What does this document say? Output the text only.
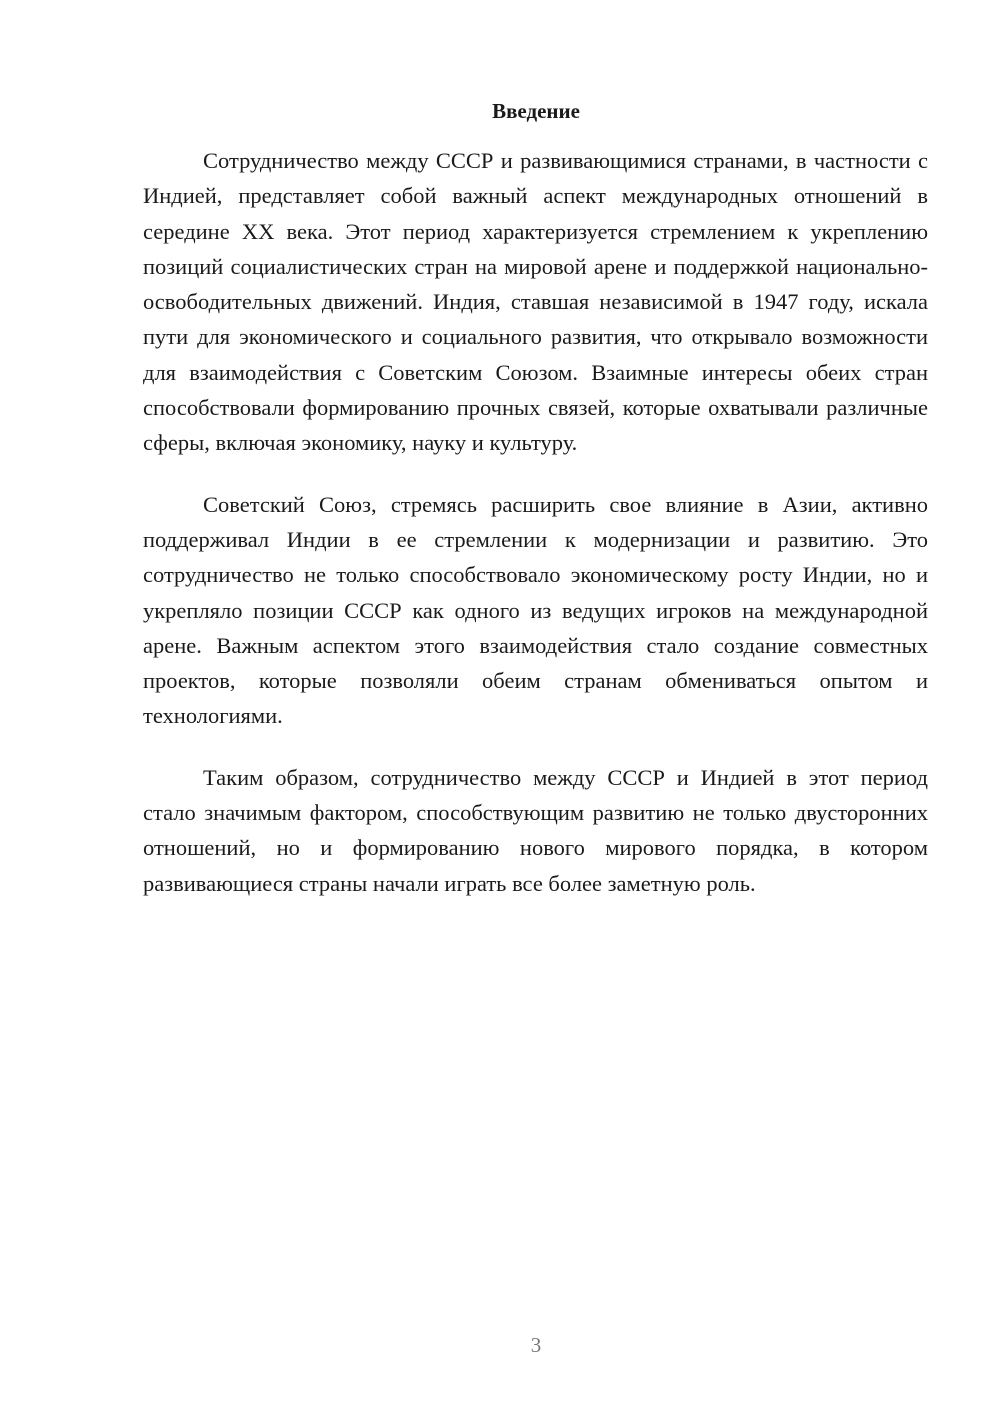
Введение

Сотрудничество между СССР и развивающимися странами, в частности с Индией, представляет собой важный аспект международных отношений в середине XX века. Этот период характеризуется стремлением к укреплению позиций социалистических стран на мировой арене и поддержкой национально-освободительных движений. Индия, ставшая независимой в 1947 году, искала пути для экономического и социального развития, что открывало возможности для взаимодействия с Советским Союзом. Взаимные интересы обеих стран способствовали формированию прочных связей, которые охватывали различные сферы, включая экономику, науку и культуру.

Советский Союз, стремясь расширить свое влияние в Азии, активно поддерживал Индии в ее стремлении к модернизации и развитию. Это сотрудничество не только способствовало экономическому росту Индии, но и укрепляло позиции СССР как одного из ведущих игроков на международной арене. Важным аспектом этого взаимодействия стало создание совместных проектов, которые позволяли обеим странам обмениваться опытом и технологиями.

Таким образом, сотрудничество между СССР и Индией в этот период стало значимым фактором, способствующим развитию не только двусторонних отношений, но и формированию нового мирового порядка, в котором развивающиеся страны начали играть все более заметную роль.

3
